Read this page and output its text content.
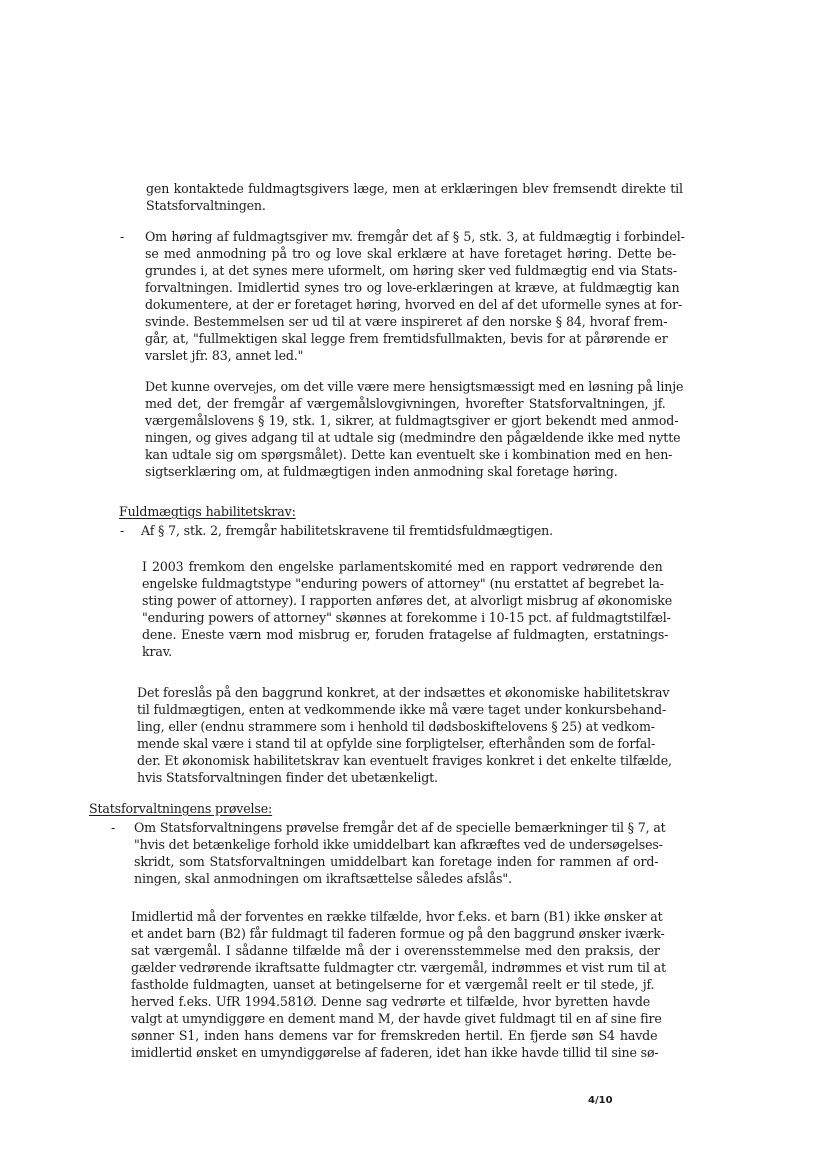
gen kontaktede fuldmagtsgivers læge, men at erklæringen blev fremsendt direkte til

Statsforvaltningen.

- Om høring af fuldmagtsgiver mv. fremgår det af § 5, stk. 3, at fuldmægtig i forbindel-

se med anmodning på tro og love skal erklære at have foretaget høring. Dette be-

grundes i, at det synes mere uformelt, om høring sker ved fuldmægtig end via Stats-

forvaltningen. Imidlertid synes tro og love-erklæringen at kræve, at fuldmægtig kan

dokumentere, at der er foretaget høring, hvorved en del af det uformelle synes at for-

svinde. Bestemmelsen ser ud til at være inspireret af den norske § 84, hvoraf frem-

går, at, "fullmektigen skal legge frem fremtidsfullmakten, bevis for at pårørende er

varslet jfr. 83, annet led."

Det kunne overvejes, om det ville være mere hensigtsmæssigt med en løsning på linje

med det, der fremgår af værgemålslovgivningen, hvorefter Statsforvaltningen, jf.

værgemålslovens § 19, stk. 1, sikrer, at fuldmagtsgiver er gjort bekendt med anmod-

ningen, og gives adgang til at udtale sig (medmindre den pågældende ikke med nytte

kan udtale sig om spørgsmålet). Dette kan eventuelt ske i kombination med en hen-

sigtserklæring om, at fuldmægtigen inden anmodning skal foretage høring.

Fuldmægtigs habilitetskrav:

- Af § 7, stk. 2, fremgår habilitetskravene til fremtidsfuldmægtigen.

I 2003 fremkom den engelske parlamentskomité med en rapport vedrørende den

engelske fuldmagtstype "enduring powers of attorney" (nu erstattet af begrebet la-

sting power of attorney). I rapporten anføres det, at alvorligt misbrug af økonomiske

"enduring powers of attorney" skønnes at forekomme i 10-15 pct. af fuldmagtstilfæl-

dene. Eneste værn mod misbrug er, foruden fratagelse af fuldmagten, erstatnings-

krav.

Det foreslås på den baggrund konkret, at der indsættes et økonomiske habilitetskrav

til fuldmægtigen, enten at vedkommende ikke må være taget under konkursbehand-

ling, eller (endnu strammere som i henhold til dødsboskiftelovens § 25) at vedkom-

mende skal være i stand til at opfylde sine forpligtelser, efterhånden som de forfal-

der. Et økonomisk habilitetskrav kan eventuelt fraviges konkret i det enkelte tilfælde,

hvis Statsforvaltningen finder det ubetænkeligt.

Statsforvaltningens prøvelse:

- Om Statsforvaltningens prøvelse fremgår det af de specielle bemærkninger til § 7, at

"hvis det betænkelige forhold ikke umiddelbart kan afkræftes ved de undersøgelses-

skridt, som Statsforvaltningen umiddelbart kan foretage inden for rammen af ord-

ningen, skal anmodningen om ikraftsættelse således afslås".

Imidlertid må der forventes en række tilfælde, hvor f.eks. et barn (B1) ikke ønsker at

et andet barn (B2) får fuldmagt til faderen formue og på den baggrund ønsker iværk-

sat værgemål. I sådanne tilfælde må der i overensstemmelse med den praksis, der

gælder vedrørende ikraftsatte fuldmagter ctr. værgemål, indrømmes et vist rum til at

fastholde fuldmagten, uanset at betingelserne for et værgemål reelt er til stede, jf.

herved f.eks. UfR 1994.581Ø. Denne sag vedrørte et tilfælde, hvor byretten havde

valgt at umyndiggøre en dement mand M, der havde givet fuldmagt til en af sine fire

sønner S1, inden hans demens var for fremskreden hertil. En fjerde søn S4 havde

imidlertid ønsket en umyndiggørelse af faderen, idet han ikke havde tillid til sine sø-

4/10
